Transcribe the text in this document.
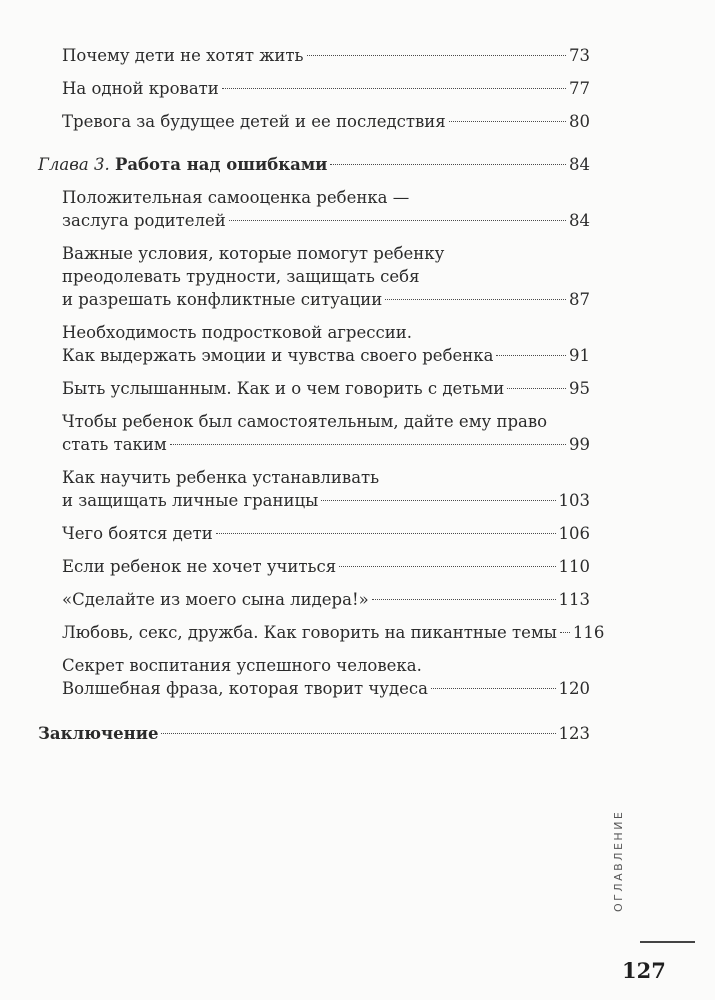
Почему дети не хотят жить	73
На одной кровати	77
Тревога за будущее детей и ее последствия	80
Глава 3. Работа над ошибками	84
Положительная самооценка ребенка —
заслуга родителей	84
Важные условия, которые помогут ребенку
преодолевать трудности, защищать себя
и разрешать конфликтные ситуации	87
Необходимость подростковой агрессии.
Как выдержать эмоции и чувства своего ребенка	91
Быть услышанным. Как и о чем говорить с детьми	95
Чтобы ребенок был самостоятельным, дайте ему право
стать таким	99
Как научить ребенка устанавливать
и защищать личные границы	103
Чего боятся дети	106
Если ребенок не хочет учиться	110
«Сделайте из моего сына лидера!»	113
Любовь, секс, дружба. Как говорить на пикантные темы 116
Секрет воспитания успешного человека.
Волшебная фраза, которая творит чудеса	120
Заключение	123
ОГЛАВЛЕНИЕ
127
